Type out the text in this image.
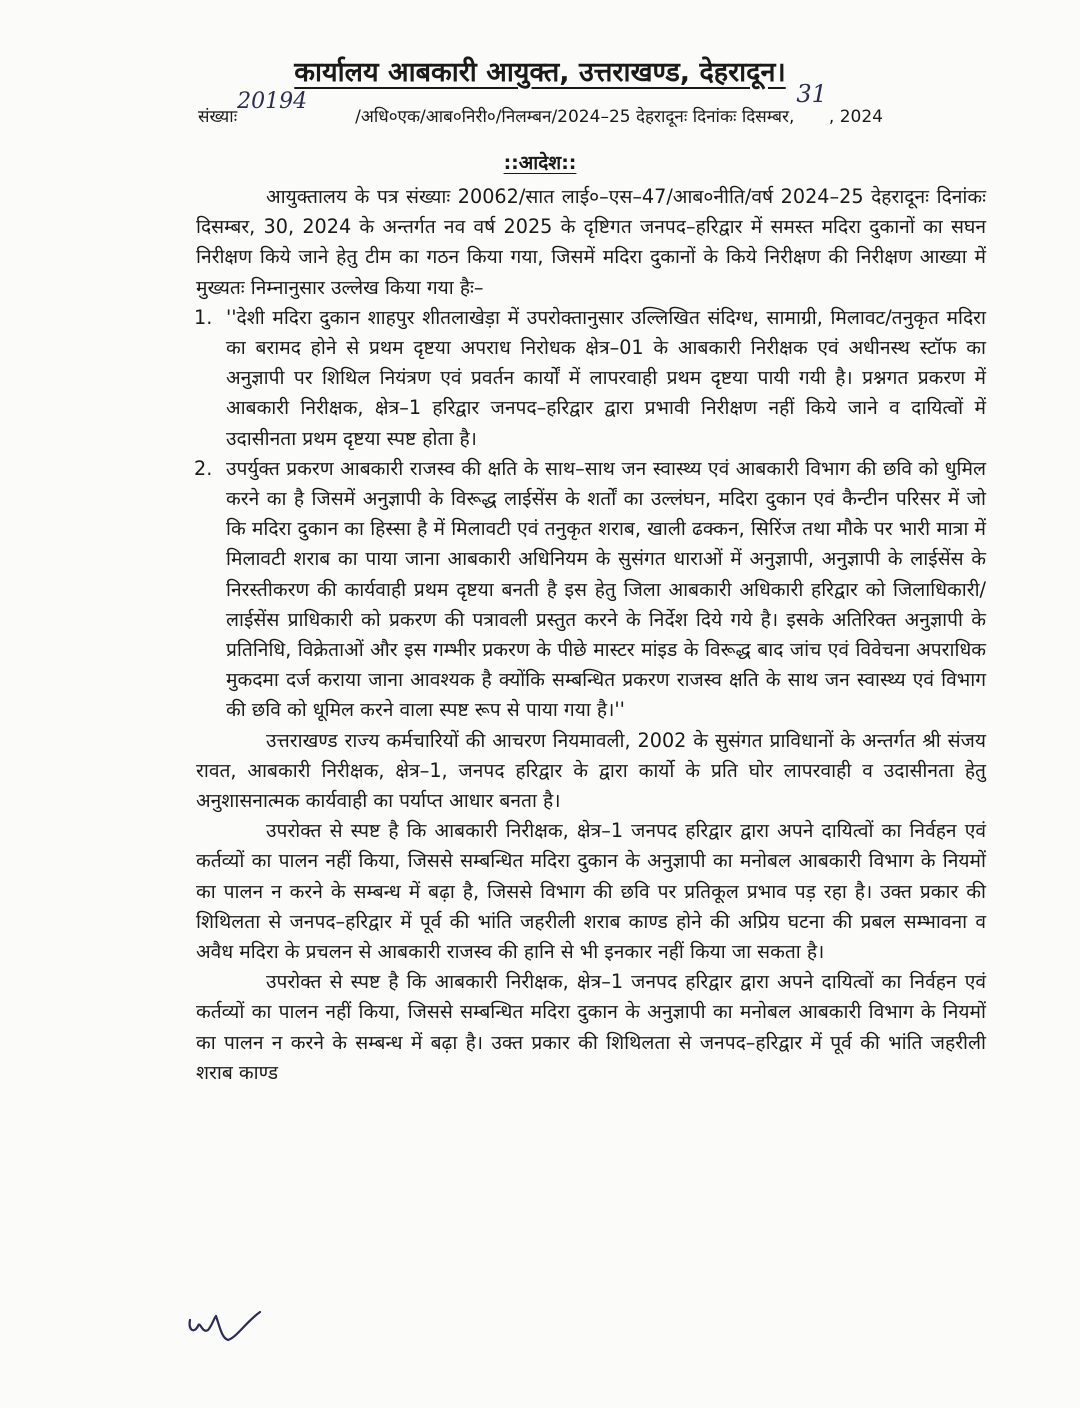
कार्यालय आबकारी आयुक्त, उत्तराखण्ड, देहरादून।
संख्याः20194/अधि०एक/आब०निरी०/निलम्बन/2024–25 देहरादूनः दिनांकः दिसम्बर,31, 2024
::आदेश::

आयुक्तालय के पत्र संख्याः 20062/सात लाई०–एस–47/आब०नीति/वर्ष 2024–25 देहरादूनः दिनांकः दिसम्बर, 30, 2024 के अन्तर्गत नव वर्ष 2025 के दृष्टिगत जनपद–हरिद्वार में समस्त मदिरा दुकानों का सघन निरीक्षण किये जाने हेतु टीम का गठन किया गया, जिसमें मदिरा दुकानों के किये निरीक्षण की निरीक्षण आख्या में मुख्यतः निम्नानुसार उल्लेख किया गया हैः–

1. ''देशी मदिरा दुकान शाहपुर शीतलाखेड़ा में उपरोक्तानुसार उल्लिखित संदिग्ध, सामाग्री, मिलावट/तनुकृत मदिरा का बरामद होने से प्रथम दृष्टया अपराध निरोधक क्षेत्र–01 के आबकारी निरीक्षक एवं अधीनस्थ स्टॉफ का अनुज्ञापी पर शिथिल नियंत्रण एवं प्रवर्तन कार्यों में लापरवाही प्रथम दृष्टया पायी गयी है। प्रश्नगत प्रकरण में आबकारी निरीक्षक, क्षेत्र–1 हरिद्वार जनपद–हरिद्वार द्वारा प्रभावी निरीक्षण नहीं किये जाने व दायित्वों में उदासीनता प्रथम दृष्टया स्पष्ट होता है।
2. उपर्युक्त प्रकरण आबकारी राजस्व की क्षति के साथ–साथ जन स्वास्थ्य एवं आबकारी विभाग की छवि को धुमिल करने का है जिसमें अनुज्ञापी के विरूद्ध लाईसेंस के शर्तों का उल्लंघन, मदिरा दुकान एवं कैन्टीन परिसर में जो कि मदिरा दुकान का हिस्सा है में मिलावटी एवं तनुकृत शराब, खाली ढक्कन, सिरिंज तथा मौके पर भारी मात्रा में मिलावटी शराब का पाया जाना आबकारी अधिनियम के सुसंगत धाराओं में अनुज्ञापी, अनुज्ञापी के लाईसेंस के निरस्तीकरण की कार्यवाही प्रथम दृष्टया बनती है इस हेतु जिला आबकारी अधिकारी हरिद्वार को जिलाधिकारी/लाईसेंस प्राधिकारी को प्रकरण की पत्रावली प्रस्तुत करने के निर्देश दिये गये है। इसके अतिरिक्त अनुज्ञापी के प्रतिनिधि, विक्रेताओं और इस गम्भीर प्रकरण के पीछे मास्टर मांइड के विरूद्ध बाद जांच एवं विवेचना अपराधिक मुकदमा दर्ज कराया जाना आवश्यक है क्योंकि सम्बन्धित प्रकरण राजस्व क्षति के साथ जन स्वास्थ्य एवं विभाग की छवि को धूमिल करने वाला स्पष्ट रूप से पाया गया है।''

उत्तराखण्ड राज्य कर्मचारियों की आचरण नियमावली, 2002 के सुसंगत प्राविधानों के अन्तर्गत श्री संजय रावत, आबकारी निरीक्षक, क्षेत्र–1, जनपद हरिद्वार के द्वारा कार्यो के प्रति घोर लापरवाही व उदासीनता हेतु अनुशासनात्मक कार्यवाही का पर्याप्त आधार बनता है।

उपरोक्त से स्पष्ट है कि आबकारी निरीक्षक, क्षेत्र–1 जनपद हरिद्वार द्वारा अपने दायित्वों का निर्वहन एवं कर्तव्यों का पालन नहीं किया, जिससे सम्बन्धित मदिरा दुकान के अनुज्ञापी का मनोबल आबकारी विभाग के नियमों का पालन न करने के सम्बन्ध में बढ़ा है, जिससे विभाग की छवि पर प्रतिकूल प्रभाव पड़ रहा है। उक्त प्रकार की शिथिलता से जनपद–हरिद्वार में पूर्व की भांति जहरीली शराब काण्ड होने की अप्रिय घटना की प्रबल सम्भावना व अवैध मदिरा के प्रचलन से आबकारी राजस्व की हानि से भी इनकार नहीं किया जा सकता है।

उपरोक्त से स्पष्ट है कि आबकारी निरीक्षक, क्षेत्र–1 जनपद हरिद्वार द्वारा अपने दायित्वों का निर्वहन एवं कर्तव्यों का पालन नहीं किया, जिससे सम्बन्धित मदिरा दुकान के अनुज्ञापी का मनोबल आबकारी विभाग के नियमों का पालन न करने के सम्बन्ध में बढ़ा है। उक्त प्रकार की शिथिलता से जनपद–हरिद्वार में पूर्व की भांति जहरीली शराब काण्ड
